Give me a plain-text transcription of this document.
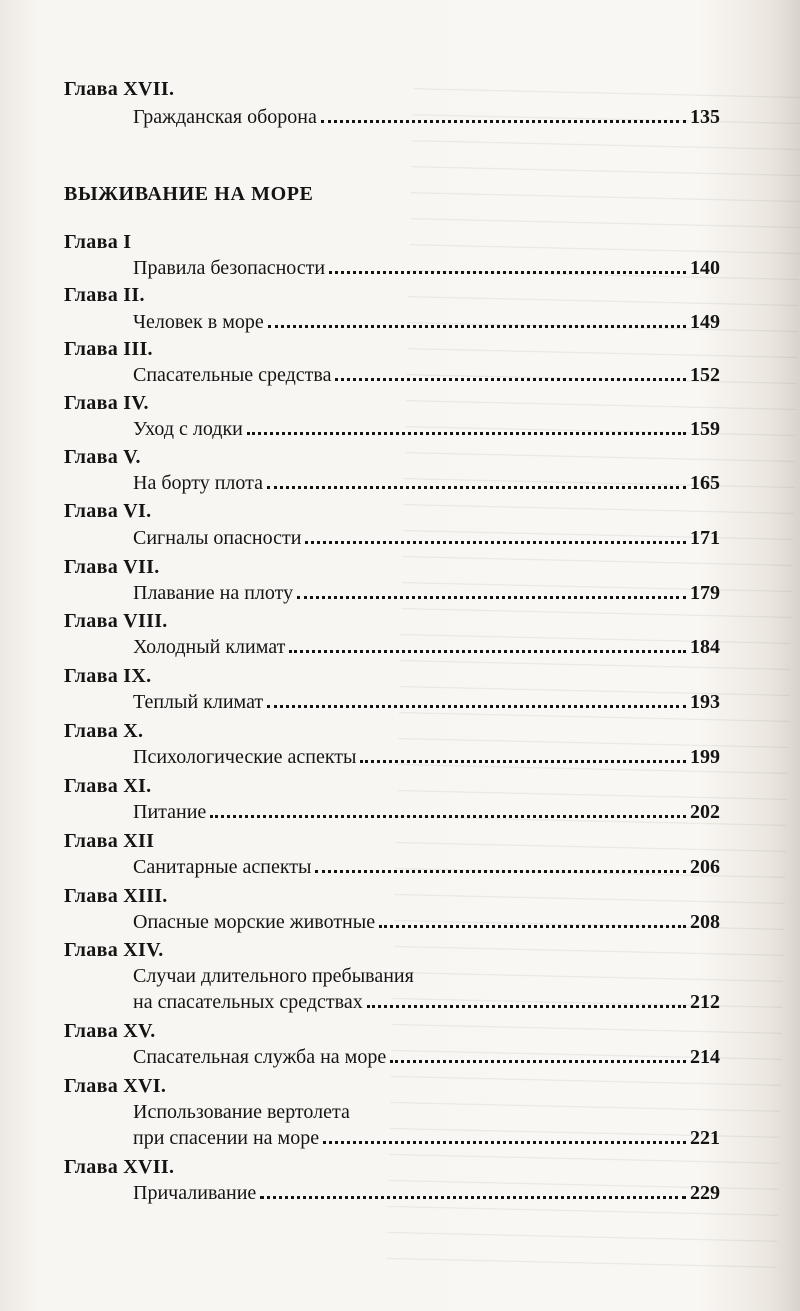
Глава XVII.
Гражданская оборона	135
ВЫЖИВАНИЕ НА МОРЕ
Глава I
Правила безопасности	140
Глава II.
Человек в море	149
Глава III.
Спасательные средства	152
Глава IV.
Уход с лодки	159
Глава V.
На борту плота	165
Глава VI.
Сигналы опасности	171
Глава VII.
Плавание на плоту	179
Глава VIII.
Холодный климат	184
Глава IX.
Теплый климат	193
Глава X.
Психологические аспекты	199
Глава XI.
Питание	202
Глава XII
Санитарные аспекты	206
Глава XIII.
Опасные морские животные	208
Глава XIV.
Случаи длительного пребывания
на спасательных средствах	212
Глава XV.
Спасательная служба на море	214
Глава XVI.
Использование вертолета
при спасении на море	221
Глава XVII.
Причаливание	229
